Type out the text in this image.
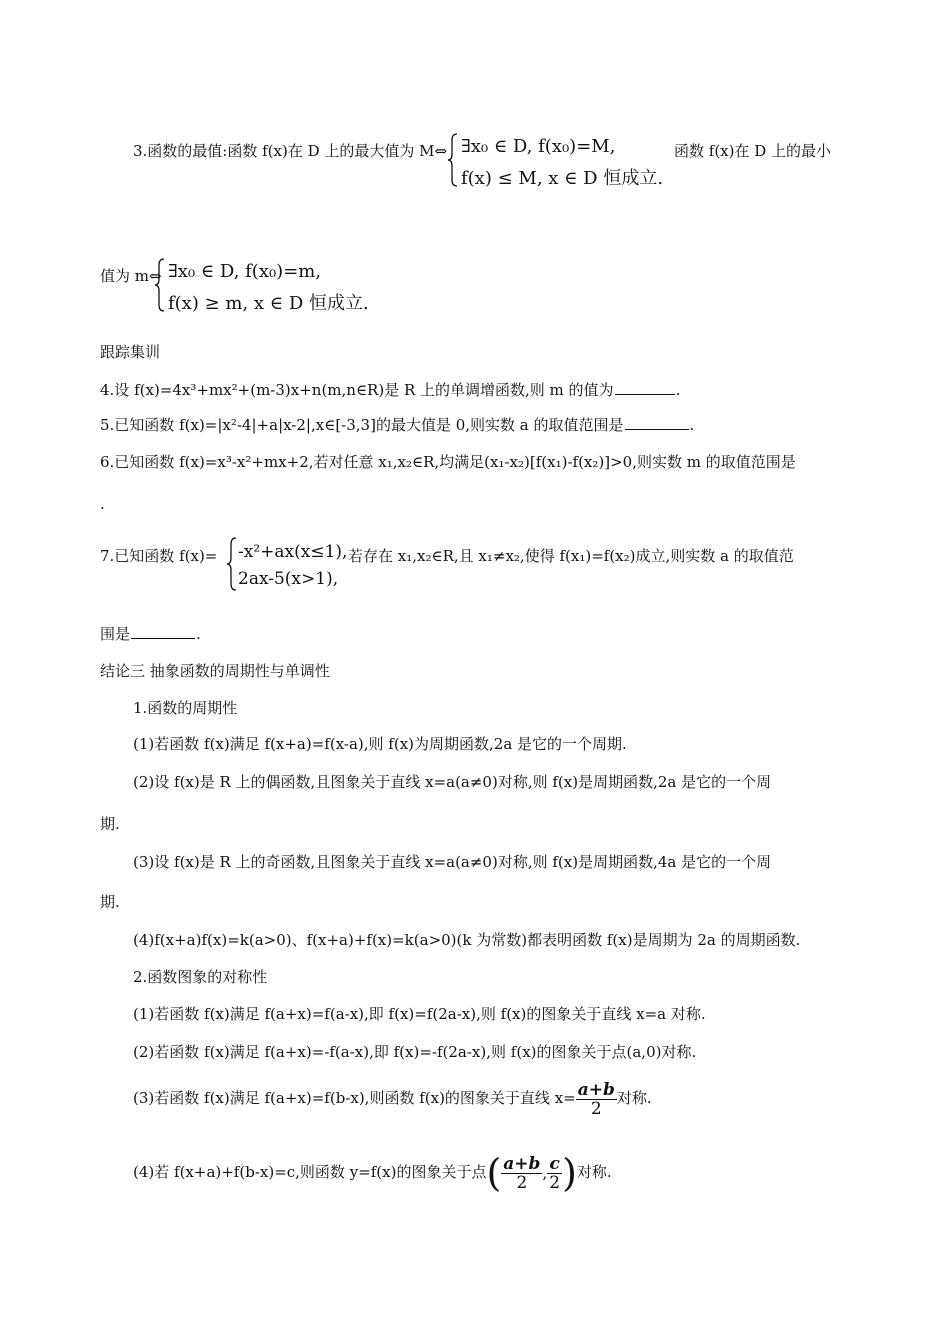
3.函数的最值:函数 f(x)在 D 上的最大值为 M⇔ ∃x₀ ∈ D, f(x₀)=M,
f(x) ≤ M, x ∈ D 恒成立.
函数 f(x)在 D 上的最小
值为 m⇔ ∃x₀ ∈ D, f(x₀)=m,
f(x) ≥ m, x ∈ D 恒成立.
跟踪集训
4.设 f(x)=4x³+mx²+(m-3)x+n(m,n∈R)是 R 上的单调增函数,则 m 的值为	.
5.已知函数 f(x)=|x²-4|+a|x-2|,x∈[-3,3]的最大值是 0,则实数 a 的取值范围是	.
6.已知函数 f(x)=x³-x²+mx+2,若对任意 x₁,x₂∈R,均满足(x₁-x₂)[f(x₁)-f(x₂)]>0,则实数 m 的取值范围是
.
7.已知函数 f(x)= -x²+ax(x≤1),
2ax-5(x>1),
若存在 x₁,x₂∈R,且 x₁≠x₂,使得 f(x₁)=f(x₂)成立,则实数 a 的取值范
围是	.
结论三 抽象函数的周期性与单调性
1.函数的周期性
(1)若函数 f(x)满足 f(x+a)=f(x-a),则 f(x)为周期函数,2a 是它的一个周期.
(2)设 f(x)是 R 上的偶函数,且图象关于直线 x=a(a≠0)对称,则 f(x)是周期函数,2a 是它的一个周
期.
(3)设 f(x)是 R 上的奇函数,且图象关于直线 x=a(a≠0)对称,则 f(x)是周期函数,4a 是它的一个周
期.
(4)f(x+a)f(x)=k(a>0)、f(x+a)+f(x)=k(a>0)(k 为常数)都表明函数 f(x)是周期为 2a 的周期函数.
2.函数图象的对称性
(1)若函数 f(x)满足 f(a+x)=f(a-x),即 f(x)=f(2a-x),则 f(x)的图象关于直线 x=a 对称.
(2)若函数 f(x)满足 f(a+x)=-f(a-x),即 f(x)=-f(2a-x),则 f(x)的图象关于点(a,0)对称.
(3)若函数 f(x)满足 f(a+x)=f(b-x),则函数 f(x)的图象关于直线 $x= \frac{a+b}{2}$ 对称.
(4)若 f(x+a)+f(b-x)=c,则函数 y=f(x)的图象关于点( $\frac{a+b}{2}$ , $\frac{c}{2}$ )对称.
